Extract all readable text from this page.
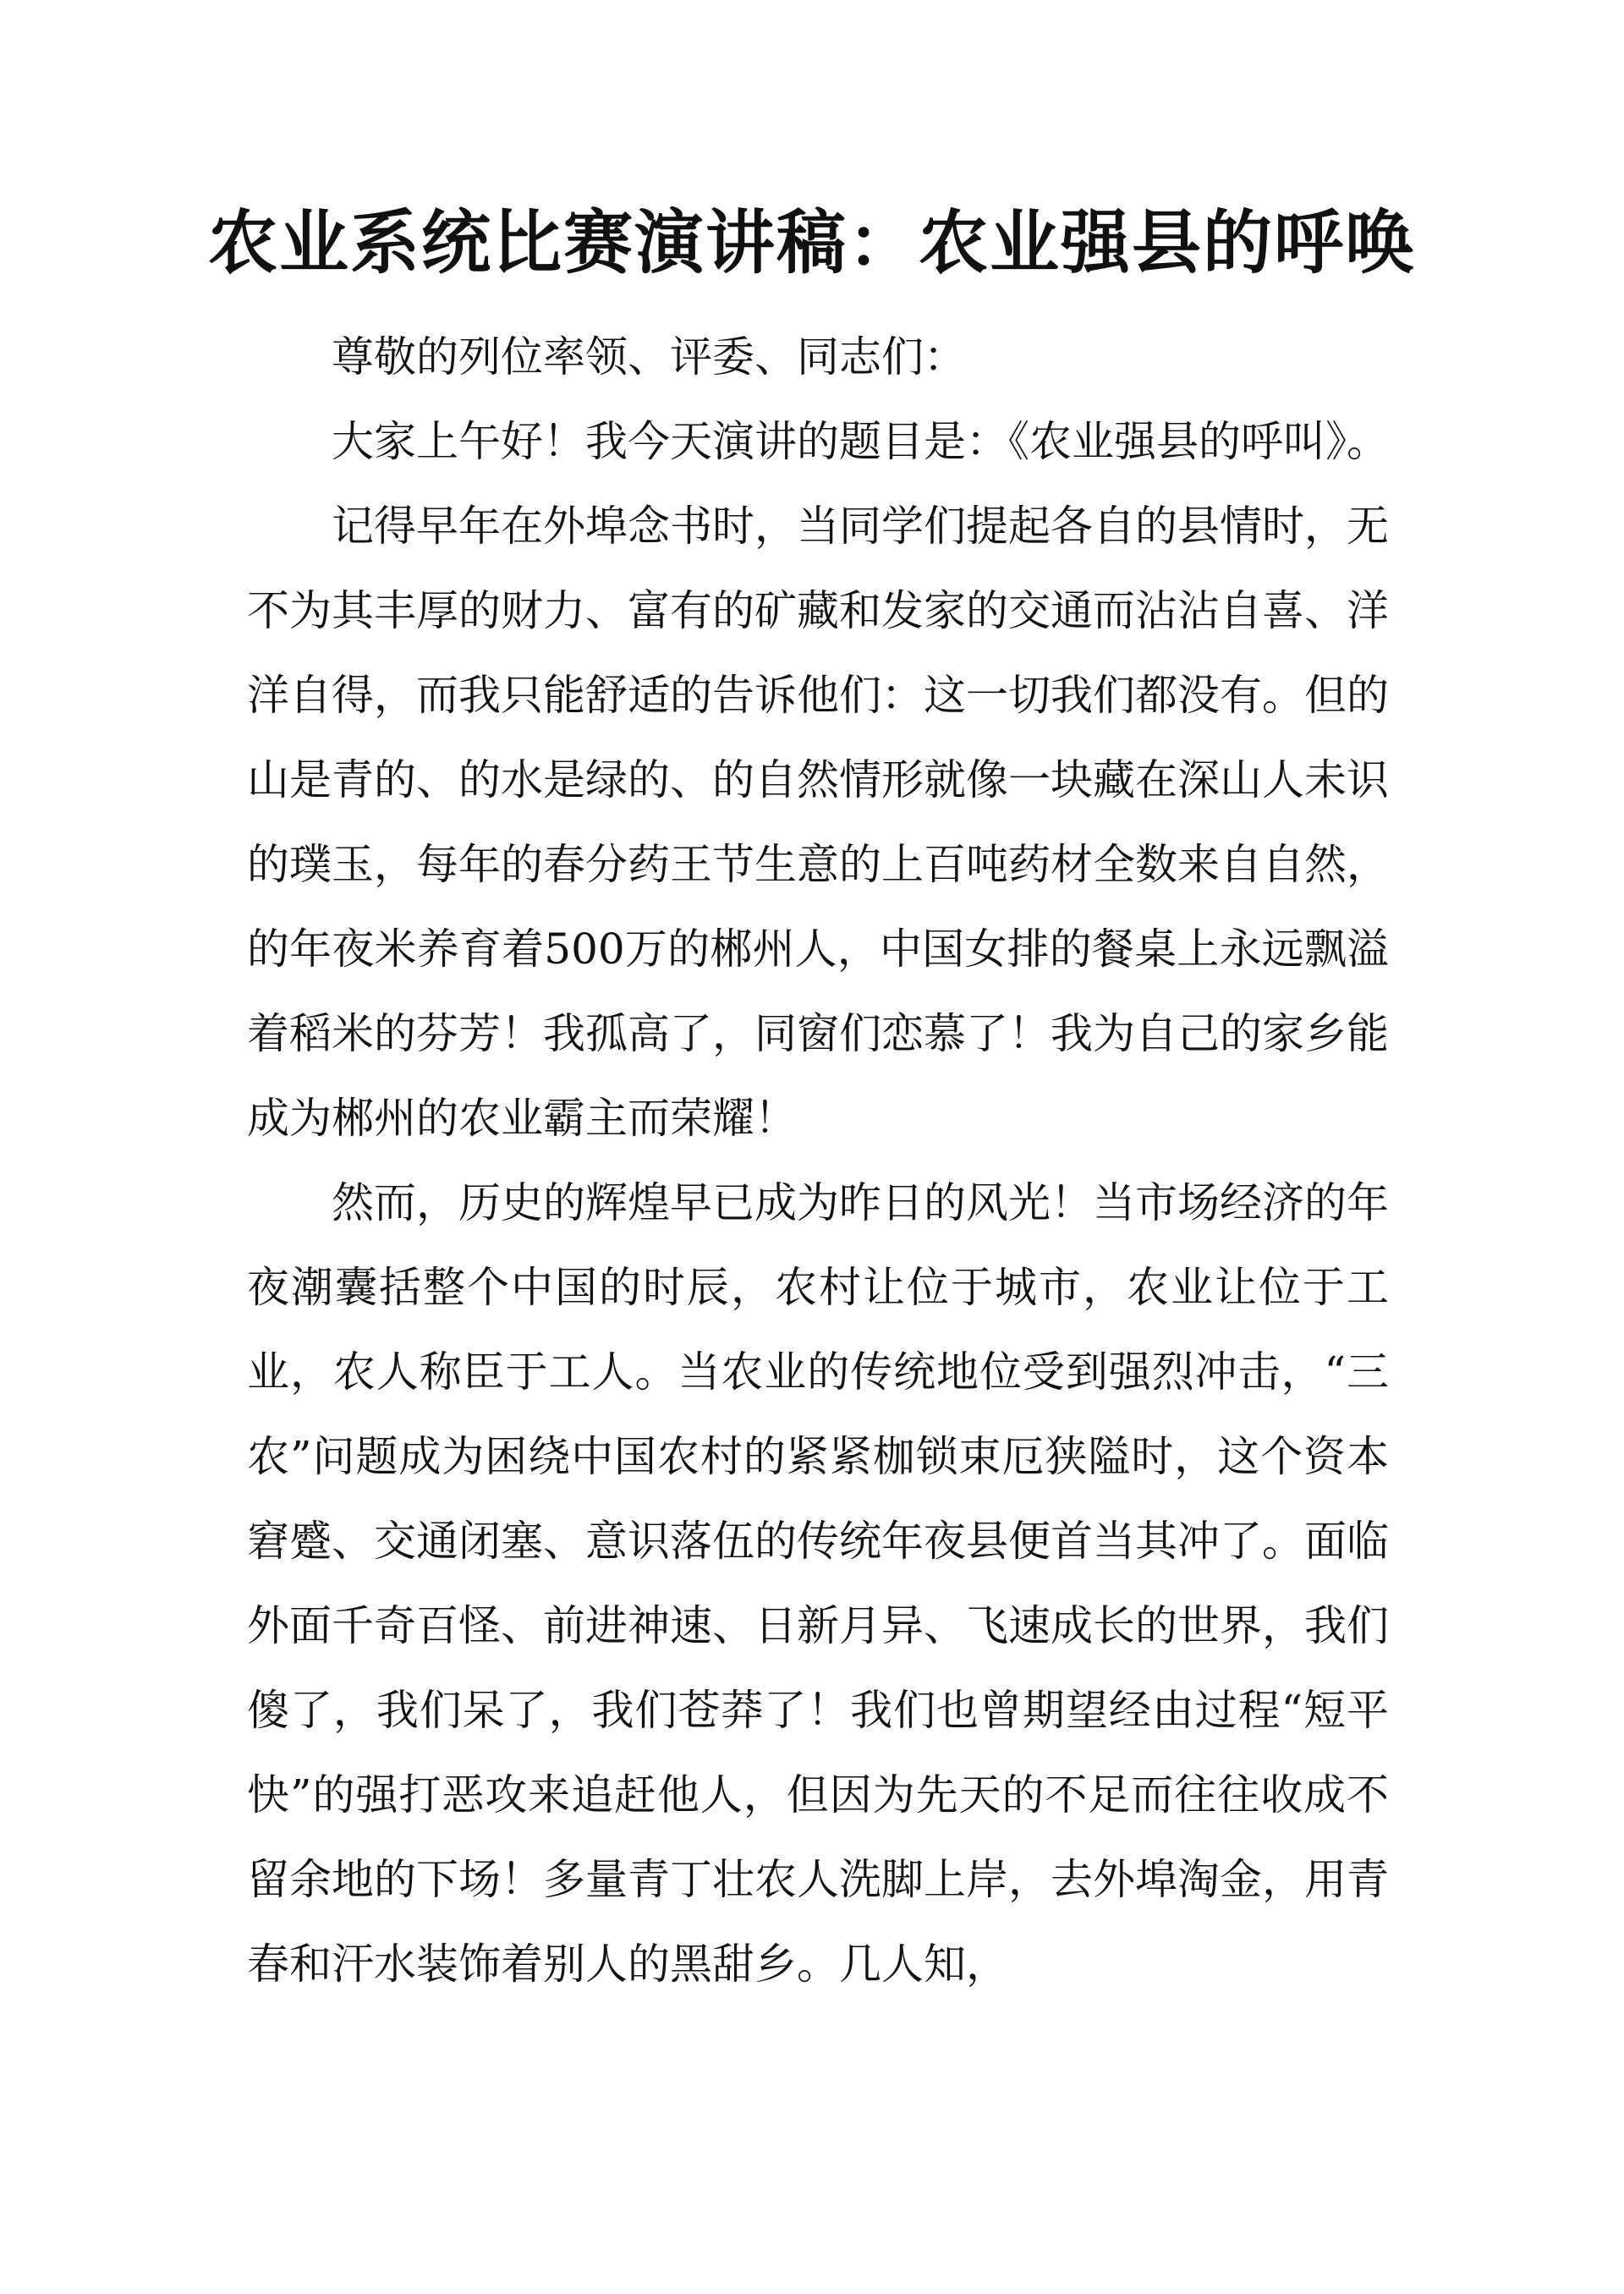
农业系统比赛演讲稿：农业强县的呼唤

尊敬的列位率领、评委、同志们：

大家上午好！我今天演讲的题目是：《农业强县的呼叫》。

记得早年在外埠念书时，当同学们提起各自的县情时，无不为其丰厚的财力、富有的矿藏和发家的交通而沾沾自喜、洋洋自得，而我只能舒适的告诉他们：这一切我们都没有。但的山是青的、的水是绿的、的自然情形就像一块藏在深山人未识的璞玉，每年的春分药王节生意的上百吨药材全数来自自然，的年夜米养育着500万的郴州人，中国女排的餐桌上永远飘溢着稻米的芬芳！我孤高了，同窗们恋慕了！我为自己的家乡能成为郴州的农业霸主而荣耀！

然而，历史的辉煌早已成为昨日的风光！当市场经济的年夜潮囊括整个中国的时辰，农村让位于城市，农业让位于工业，农人称臣于工人。当农业的传统地位受到强烈冲击，“三农”问题成为困绕中国农村的紧紧枷锁束厄狭隘时，这个资本窘蹙、交通闭塞、意识落伍的传统年夜县便首当其冲了。面临外面千奇百怪、前进神速、日新月异、飞速成长的世界，我们傻了，我们呆了，我们苍莽了！我们也曾期望经由过程“短平快”的强打恶攻来追赶他人，但因为先天的不足而往往收成不留余地的下场！多量青丁壮农人洗脚上岸，去外埠淘金，用青春和汗水装饰着别人的黑甜乡。几人知，
